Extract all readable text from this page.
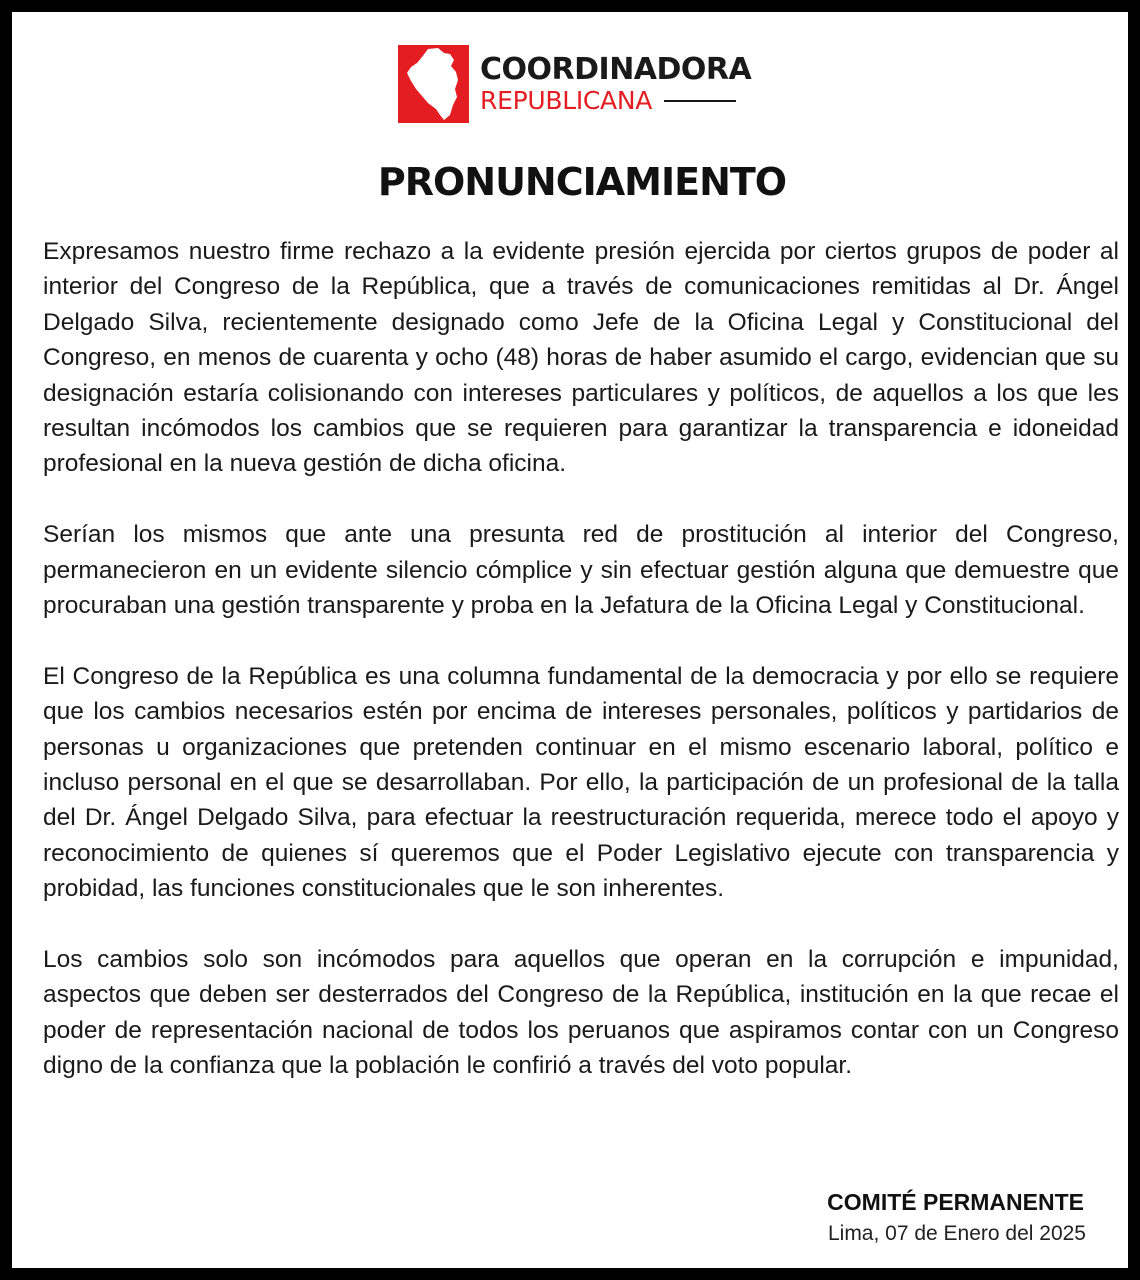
COORDINADORA
REPUBLICANA
PRONUNCIAMIENTO

Expresamos nuestro firme rechazo a la evidente presión ejercida por ciertos grupos de poder al interior del Congreso de la República, que a través de comunicaciones remitidas al Dr. Ángel Delgado Silva, recientemente designado como Jefe de la Oficina Legal y Constitucional del Congreso, en menos de cuarenta y ocho (48) horas de haber asumido el cargo, evidencian que su designación estaría colisionando con intereses particulares y políticos, de aquellos a los que les resultan incómodos los cambios que se requieren para garantizar la transparencia e idoneidad profesional en la nueva gestión de dicha oficina.

Serían los mismos que ante una presunta red de prostitución al interior del Congreso, permanecieron en un evidente silencio cómplice y sin efectuar gestión alguna que demuestre que procuraban una gestión transparente y proba en la Jefatura de la Oficina Legal y Constitucional.

El Congreso de la República es una columna fundamental de la democracia y por ello se requiere que los cambios necesarios estén por encima de intereses personales, políticos y partidarios de personas u organizaciones que pretenden continuar en el mismo escenario laboral, político e incluso personal en el que se desarrollaban. Por ello, la participación de un profesional de la talla del Dr. Ángel Delgado Silva, para efectuar la reestructuración requerida, merece todo el apoyo y reconocimiento de quienes sí queremos que el Poder Legislativo ejecute con transparencia y probidad, las funciones constitucionales que le son inherentes.

Los cambios solo son incómodos para aquellos que operan en la corrupción e impunidad, aspectos que deben ser desterrados del Congreso de la República, institución en la que recae el poder de representación nacional de todos los peruanos que aspiramos contar con un Congreso digno de la confianza que la población le confirió a través del voto popular.

COMITÉ PERMANENTE
Lima, 07 de Enero del 2025
